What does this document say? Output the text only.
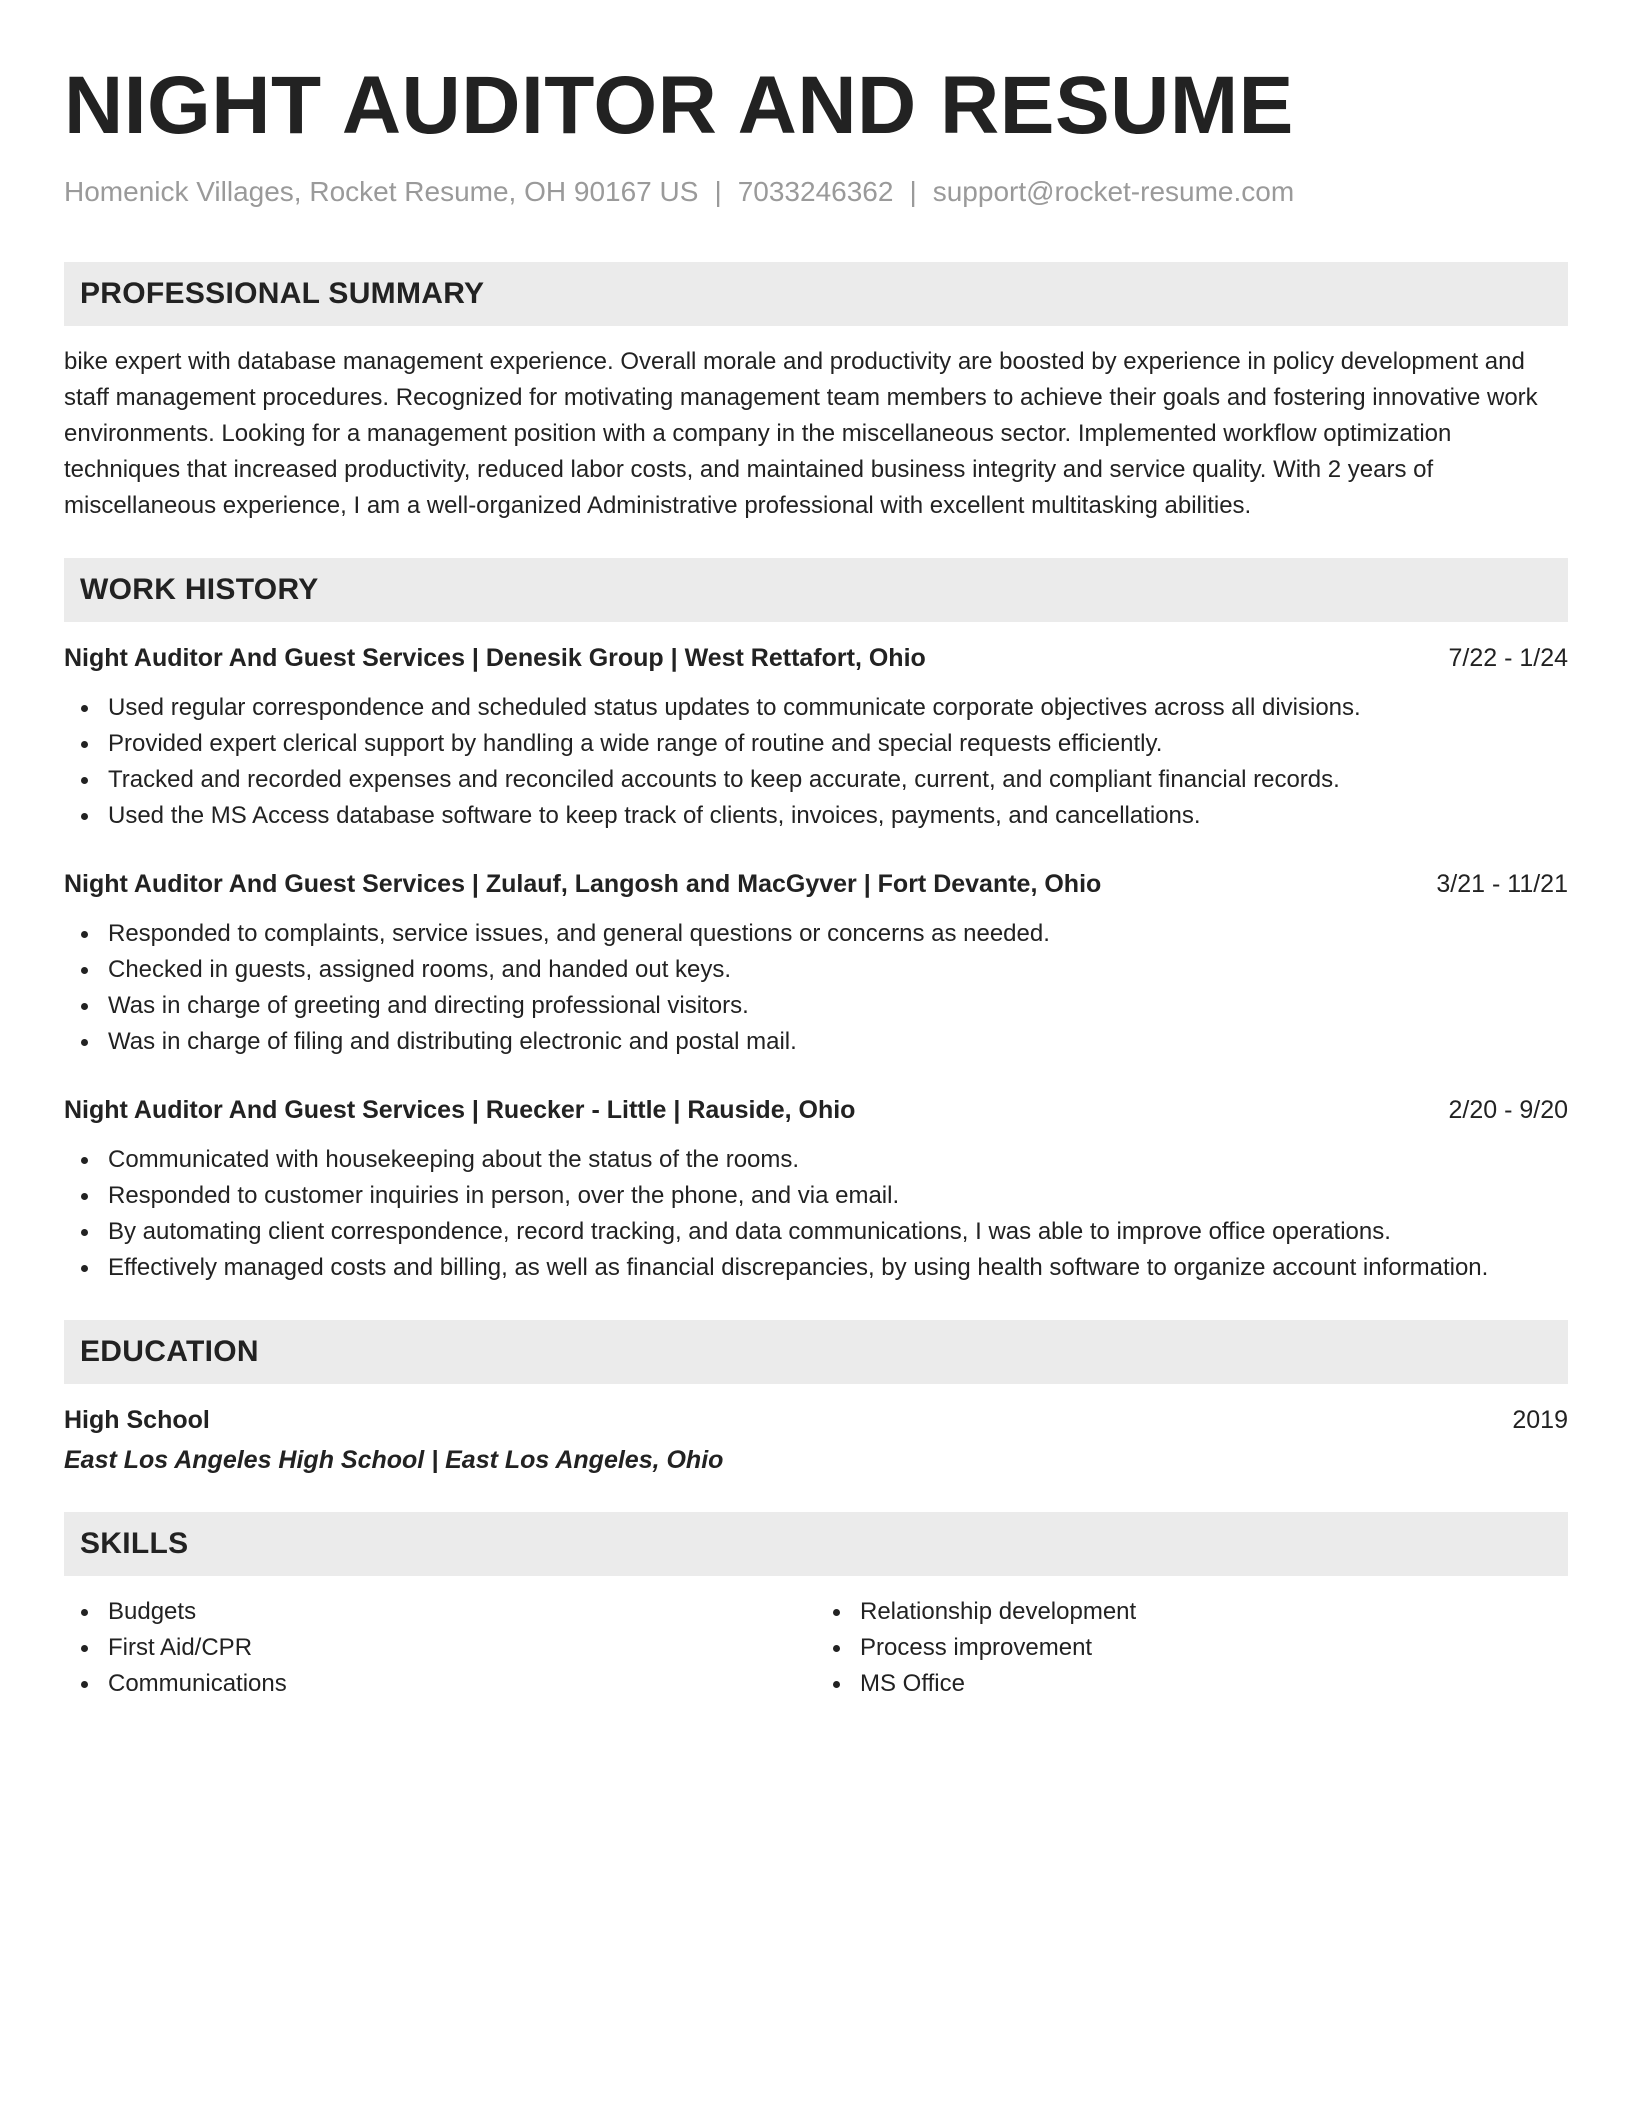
NIGHT AUDITOR AND RESUME
Homenick Villages, Rocket Resume, OH 90167 US | 7033246362 | support@rocket-resume.com
PROFESSIONAL SUMMARY
bike expert with database management experience. Overall morale and productivity are boosted by experience in policy development and staff management procedures. Recognized for motivating management team members to achieve their goals and fostering innovative work environments. Looking for a management position with a company in the miscellaneous sector. Implemented workflow optimization techniques that increased productivity, reduced labor costs, and maintained business integrity and service quality. With 2 years of miscellaneous experience, I am a well-organized Administrative professional with excellent multitasking abilities.
WORK HISTORY
Night Auditor And Guest Services | Denesik Group | West Rettafort, Ohio	7/22 - 1/24
Used regular correspondence and scheduled status updates to communicate corporate objectives across all divisions.
Provided expert clerical support by handling a wide range of routine and special requests efficiently.
Tracked and recorded expenses and reconciled accounts to keep accurate, current, and compliant financial records.
Used the MS Access database software to keep track of clients, invoices, payments, and cancellations.
Night Auditor And Guest Services | Zulauf, Langosh and MacGyver | Fort Devante, Ohio	3/21 - 11/21
Responded to complaints, service issues, and general questions or concerns as needed.
Checked in guests, assigned rooms, and handed out keys.
Was in charge of greeting and directing professional visitors.
Was in charge of filing and distributing electronic and postal mail.
Night Auditor And Guest Services | Ruecker - Little | Rauside, Ohio	2/20 - 9/20
Communicated with housekeeping about the status of the rooms.
Responded to customer inquiries in person, over the phone, and via email.
By automating client correspondence, record tracking, and data communications, I was able to improve office operations.
Effectively managed costs and billing, as well as financial discrepancies, by using health software to organize account information.
EDUCATION
High School	2019
East Los Angeles High School | East Los Angeles, Ohio
SKILLS
Budgets
First Aid/CPR
Communications
Relationship development
Process improvement
MS Office
